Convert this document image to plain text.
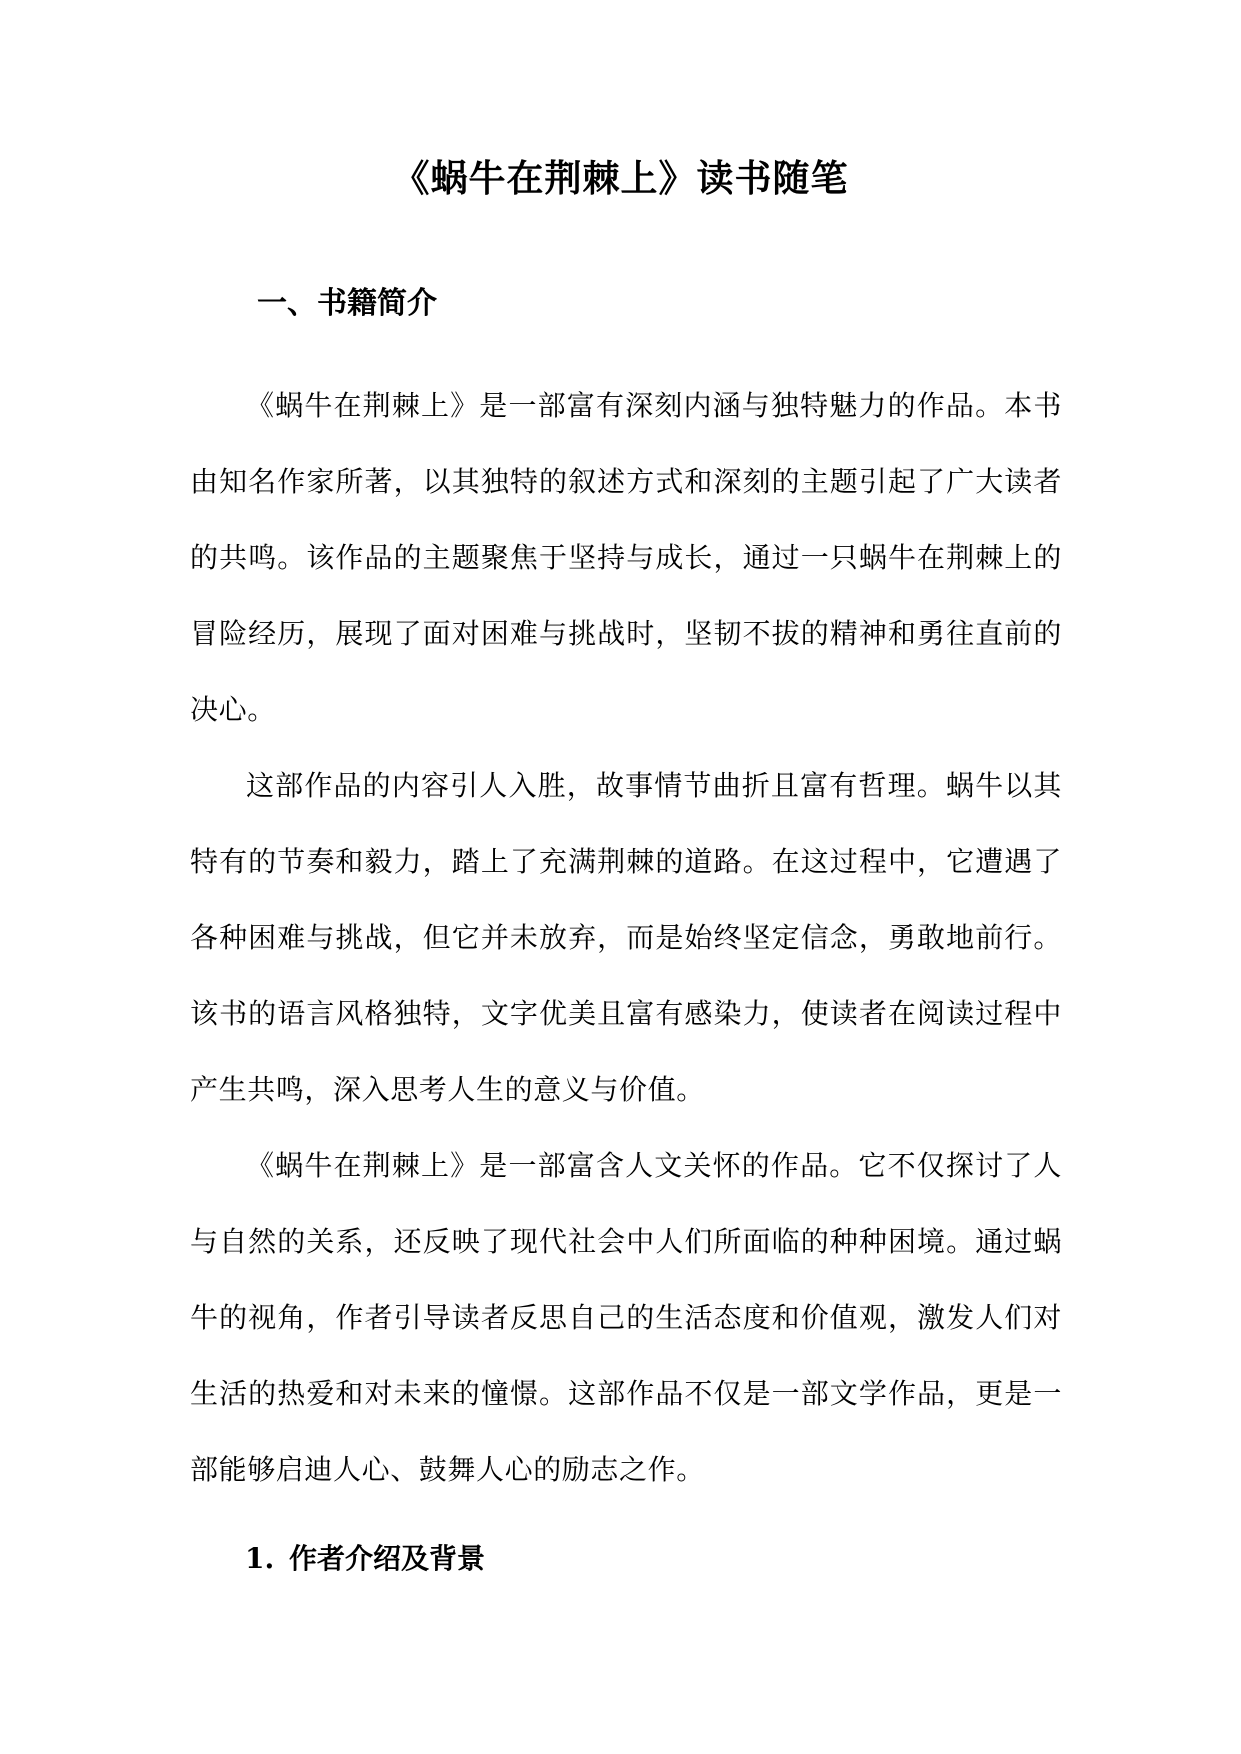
《蜗牛在荆棘上》读书随笔
一、书籍简介

《蜗牛在荆棘上》是一部富有深刻内涵与独特魅力的作品。本书由知名作家所著，以其独特的叙述方式和深刻的主题引起了广大读者的共鸣。该作品的主题聚焦于坚持与成长，通过一只蜗牛在荆棘上的冒险经历，展现了面对困难与挑战时，坚韧不拔的精神和勇往直前的决心。

这部作品的内容引人入胜，故事情节曲折且富有哲理。蜗牛以其特有的节奏和毅力，踏上了充满荆棘的道路。在这过程中，它遭遇了各种困难与挑战，但它并未放弃，而是始终坚定信念，勇敢地前行。该书的语言风格独特，文字优美且富有感染力，使读者在阅读过程中产生共鸣，深入思考人生的意义与价值。

《蜗牛在荆棘上》是一部富含人文关怀的作品。它不仅探讨了人与自然的关系，还反映了现代社会中人们所面临的种种困境。通过蜗牛的视角，作者引导读者反思自己的生活态度和价值观，激发人们对生活的热爱和对未来的憧憬。这部作品不仅是一部文学作品，更是一部能够启迪人心、鼓舞人心的励志之作。

1. 作者介绍及背景
